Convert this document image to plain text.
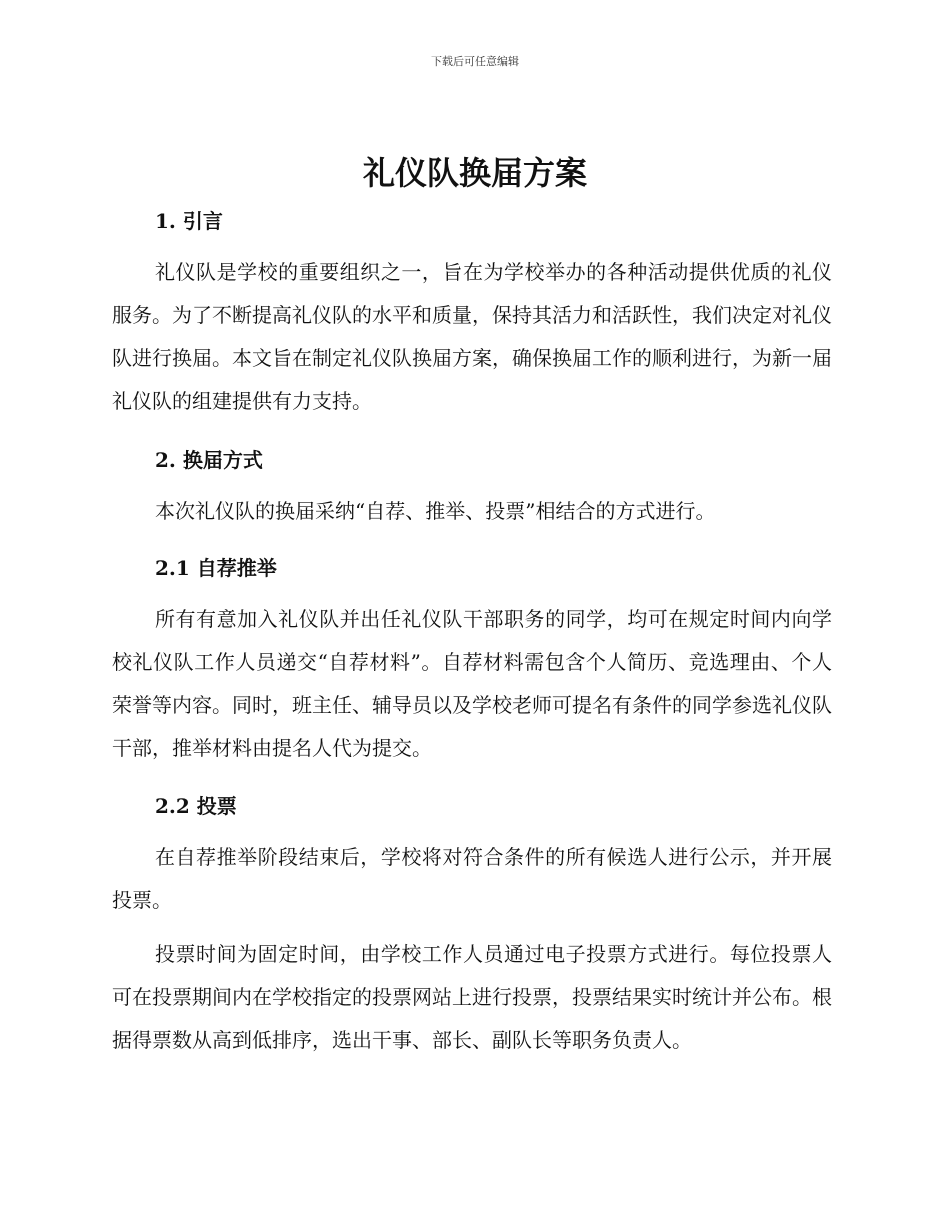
下载后可任意编辑
礼仪队换届方案
1. 引言

礼仪队是学校的重要组织之一，旨在为学校举办的各种活动提供优质的礼仪服务。为了不断提高礼仪队的水平和质量，保持其活力和活跃性，我们决定对礼仪队进行换届。本文旨在制定礼仪队换届方案，确保换届工作的顺利进行，为新一届礼仪队的组建提供有力支持。

2. 换届方式

本次礼仪队的换届采纳“自荐、推举、投票”相结合的方式进行。

2.1 自荐推举

所有有意加入礼仪队并出任礼仪队干部职务的同学，均可在规定时间内向学校礼仪队工作人员递交“自荐材料”。自荐材料需包含个人简历、竞选理由、个人荣誉等内容。同时，班主任、辅导员以及学校老师可提名有条件的同学参选礼仪队干部，推举材料由提名人代为提交。

2.2 投票

在自荐推举阶段结束后，学校将对符合条件的所有候选人进行公示，并开展投票。

投票时间为固定时间，由学校工作人员通过电子投票方式进行。每位投票人可在投票期间内在学校指定的投票网站上进行投票，投票结果实时统计并公布。根据得票数从高到低排序，选出干事、部长、副队长等职务负责人。
